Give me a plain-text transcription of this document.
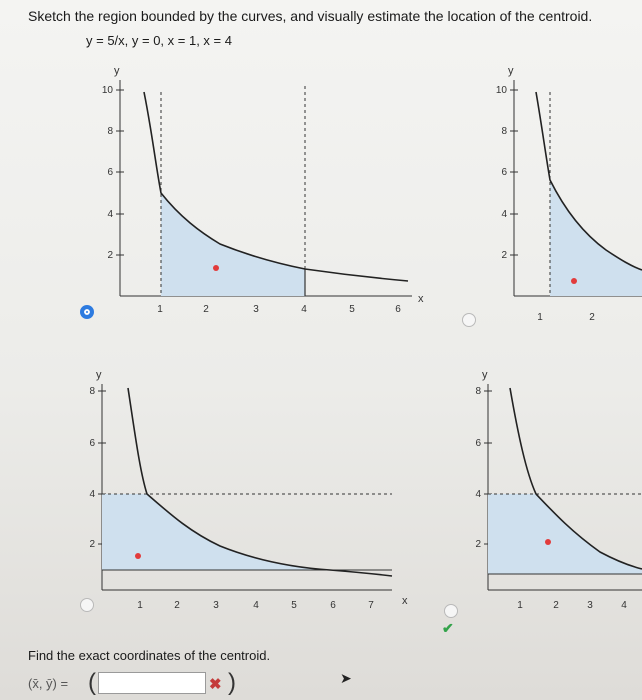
Sketch the region bounded by the curves, and visually estimate the location of the centroid.
y = 5/x, y = 0, x = 1, x = 4
y
10
8
6
4
2
1	2	3	4	5	6
x
y
10
8
6
4
2
1	2
y
8
6
4
2
1	2	3	4	5	6	7	x
y
8
6
4
2
1	2	3	4
✔
Find the exact coordinates of the centroid.
(x̄, ȳ) = (	✖ )	➤
